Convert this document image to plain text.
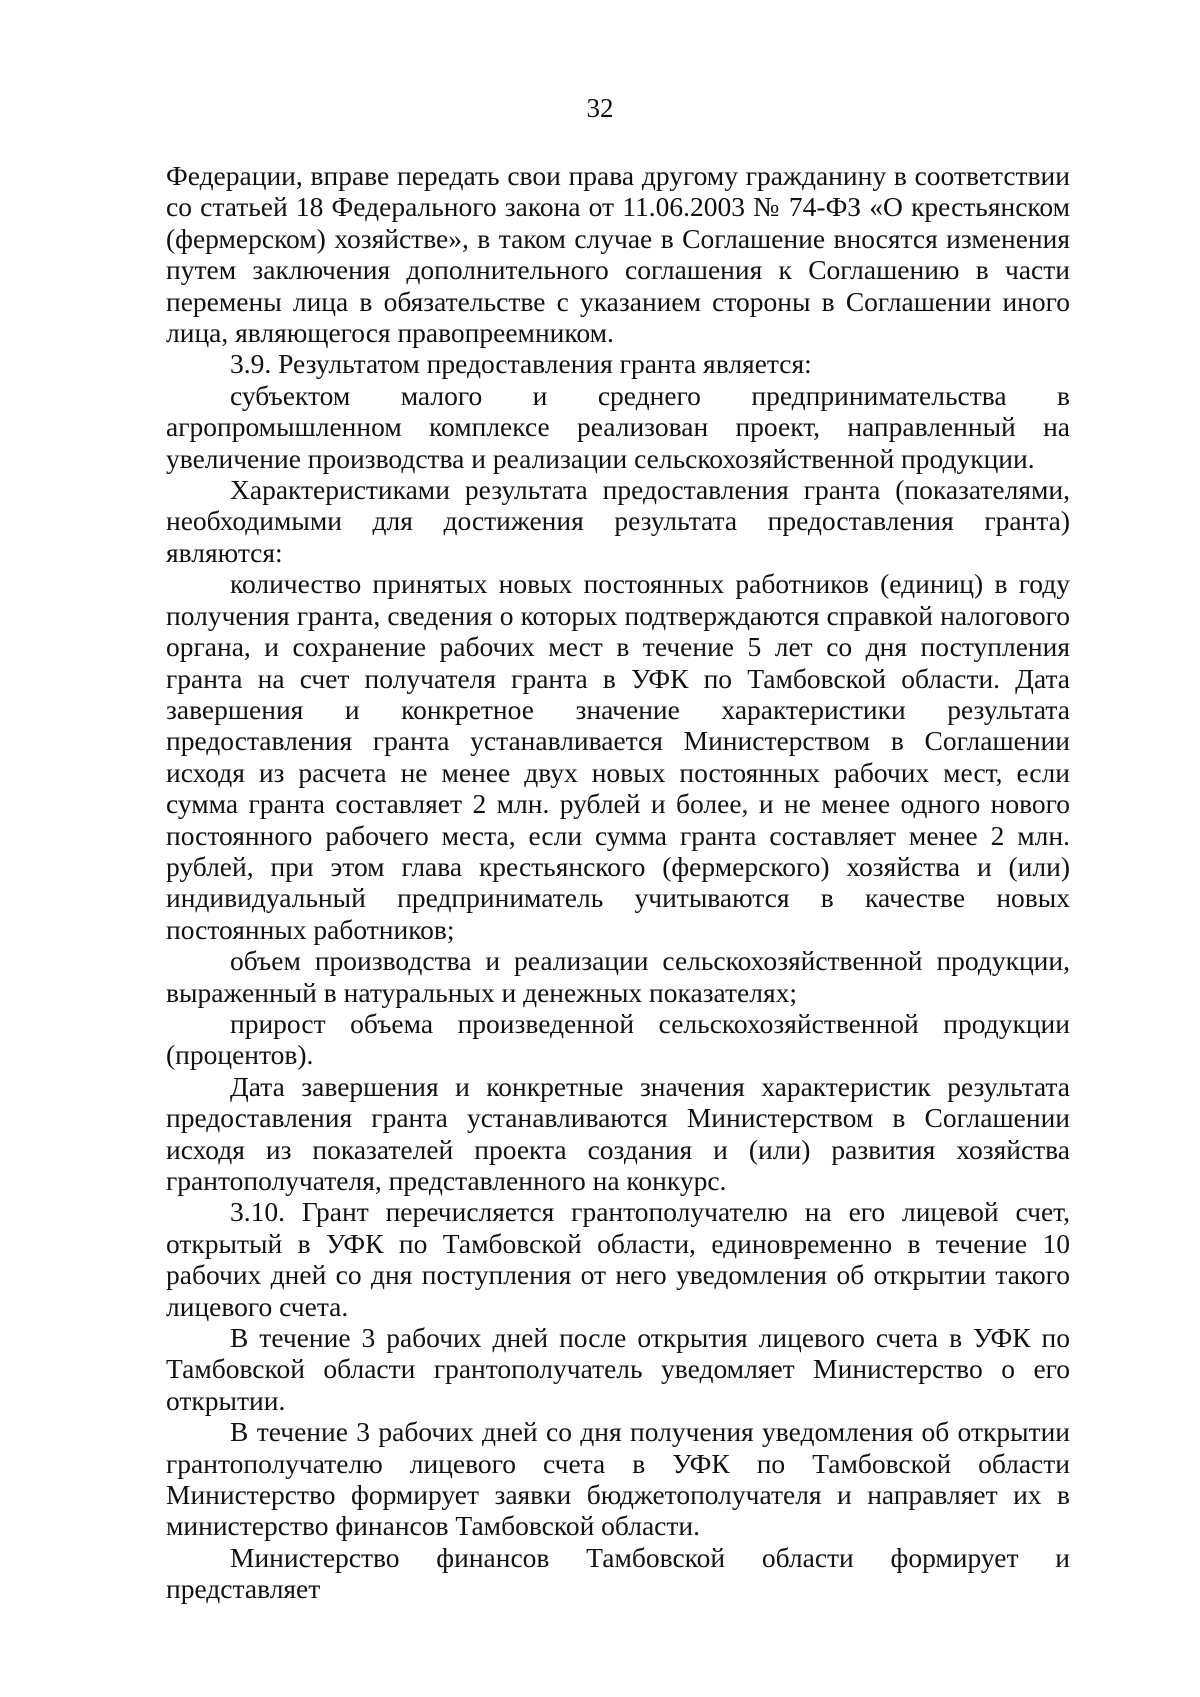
32

Федерации, вправе передать свои права другому гражданину в соответствии со статьей 18 Федерального закона от 11.06.2003 № 74-ФЗ «О крестьянском (фермерском) хозяйстве», в таком случае в Соглашение вносятся изменения путем заключения дополнительного соглашения к Соглашению в части перемены лица в обязательстве с указанием стороны в Соглашении иного лица, являющегося правопреемником.

3.9. Результатом предоставления гранта является:

субъектом малого и среднего предпринимательства в агропромышленном комплексе реализован проект, направленный на увеличение производства и реализации сельскохозяйственной продукции.

Характеристиками результата предоставления гранта (показателями, необходимыми для достижения результата предоставления гранта) являются:

количество принятых новых постоянных работников (единиц) в году получения гранта, сведения о которых подтверждаются справкой налогового органа, и сохранение рабочих мест в течение 5 лет со дня поступления гранта на счет получателя гранта в УФК по Тамбовской области. Дата завершения и конкретное значение характеристики результата предоставления гранта устанавливается Министерством в Соглашении исходя из расчета не менее двух новых постоянных рабочих мест, если сумма гранта составляет 2 млн. рублей и более, и не менее одного нового постоянного рабочего места, если сумма гранта составляет менее 2 млн. рублей, при этом глава крестьянского (фермерского) хозяйства и (или) индивидуальный предприниматель учитываются в качестве новых постоянных работников;

объем производства и реализации сельскохозяйственной продукции, выраженный в натуральных и денежных показателях;

прирост объема произведенной сельскохозяйственной продукции (процентов).

Дата завершения и конкретные значения характеристик результата предоставления гранта устанавливаются Министерством в Соглашении исходя из показателей проекта создания и (или) развития хозяйства грантополучателя, представленного на конкурс.

3.10. Грант перечисляется грантополучателю на его лицевой счет, открытый в УФК по Тамбовской области, единовременно в течение 10 рабочих дней со дня поступления от него уведомления об открытии такого лицевого счета.

В течение 3 рабочих дней после открытия лицевого счета в УФК по Тамбовской области грантополучатель уведомляет Министерство о его открытии.

В течение 3 рабочих дней со дня получения уведомления об открытии грантополучателю лицевого счета в УФК по Тамбовской области Министерство формирует заявки бюджетополучателя и направляет их в министерство финансов Тамбовской области.

Министерство финансов Тамбовской области формирует и представляет
